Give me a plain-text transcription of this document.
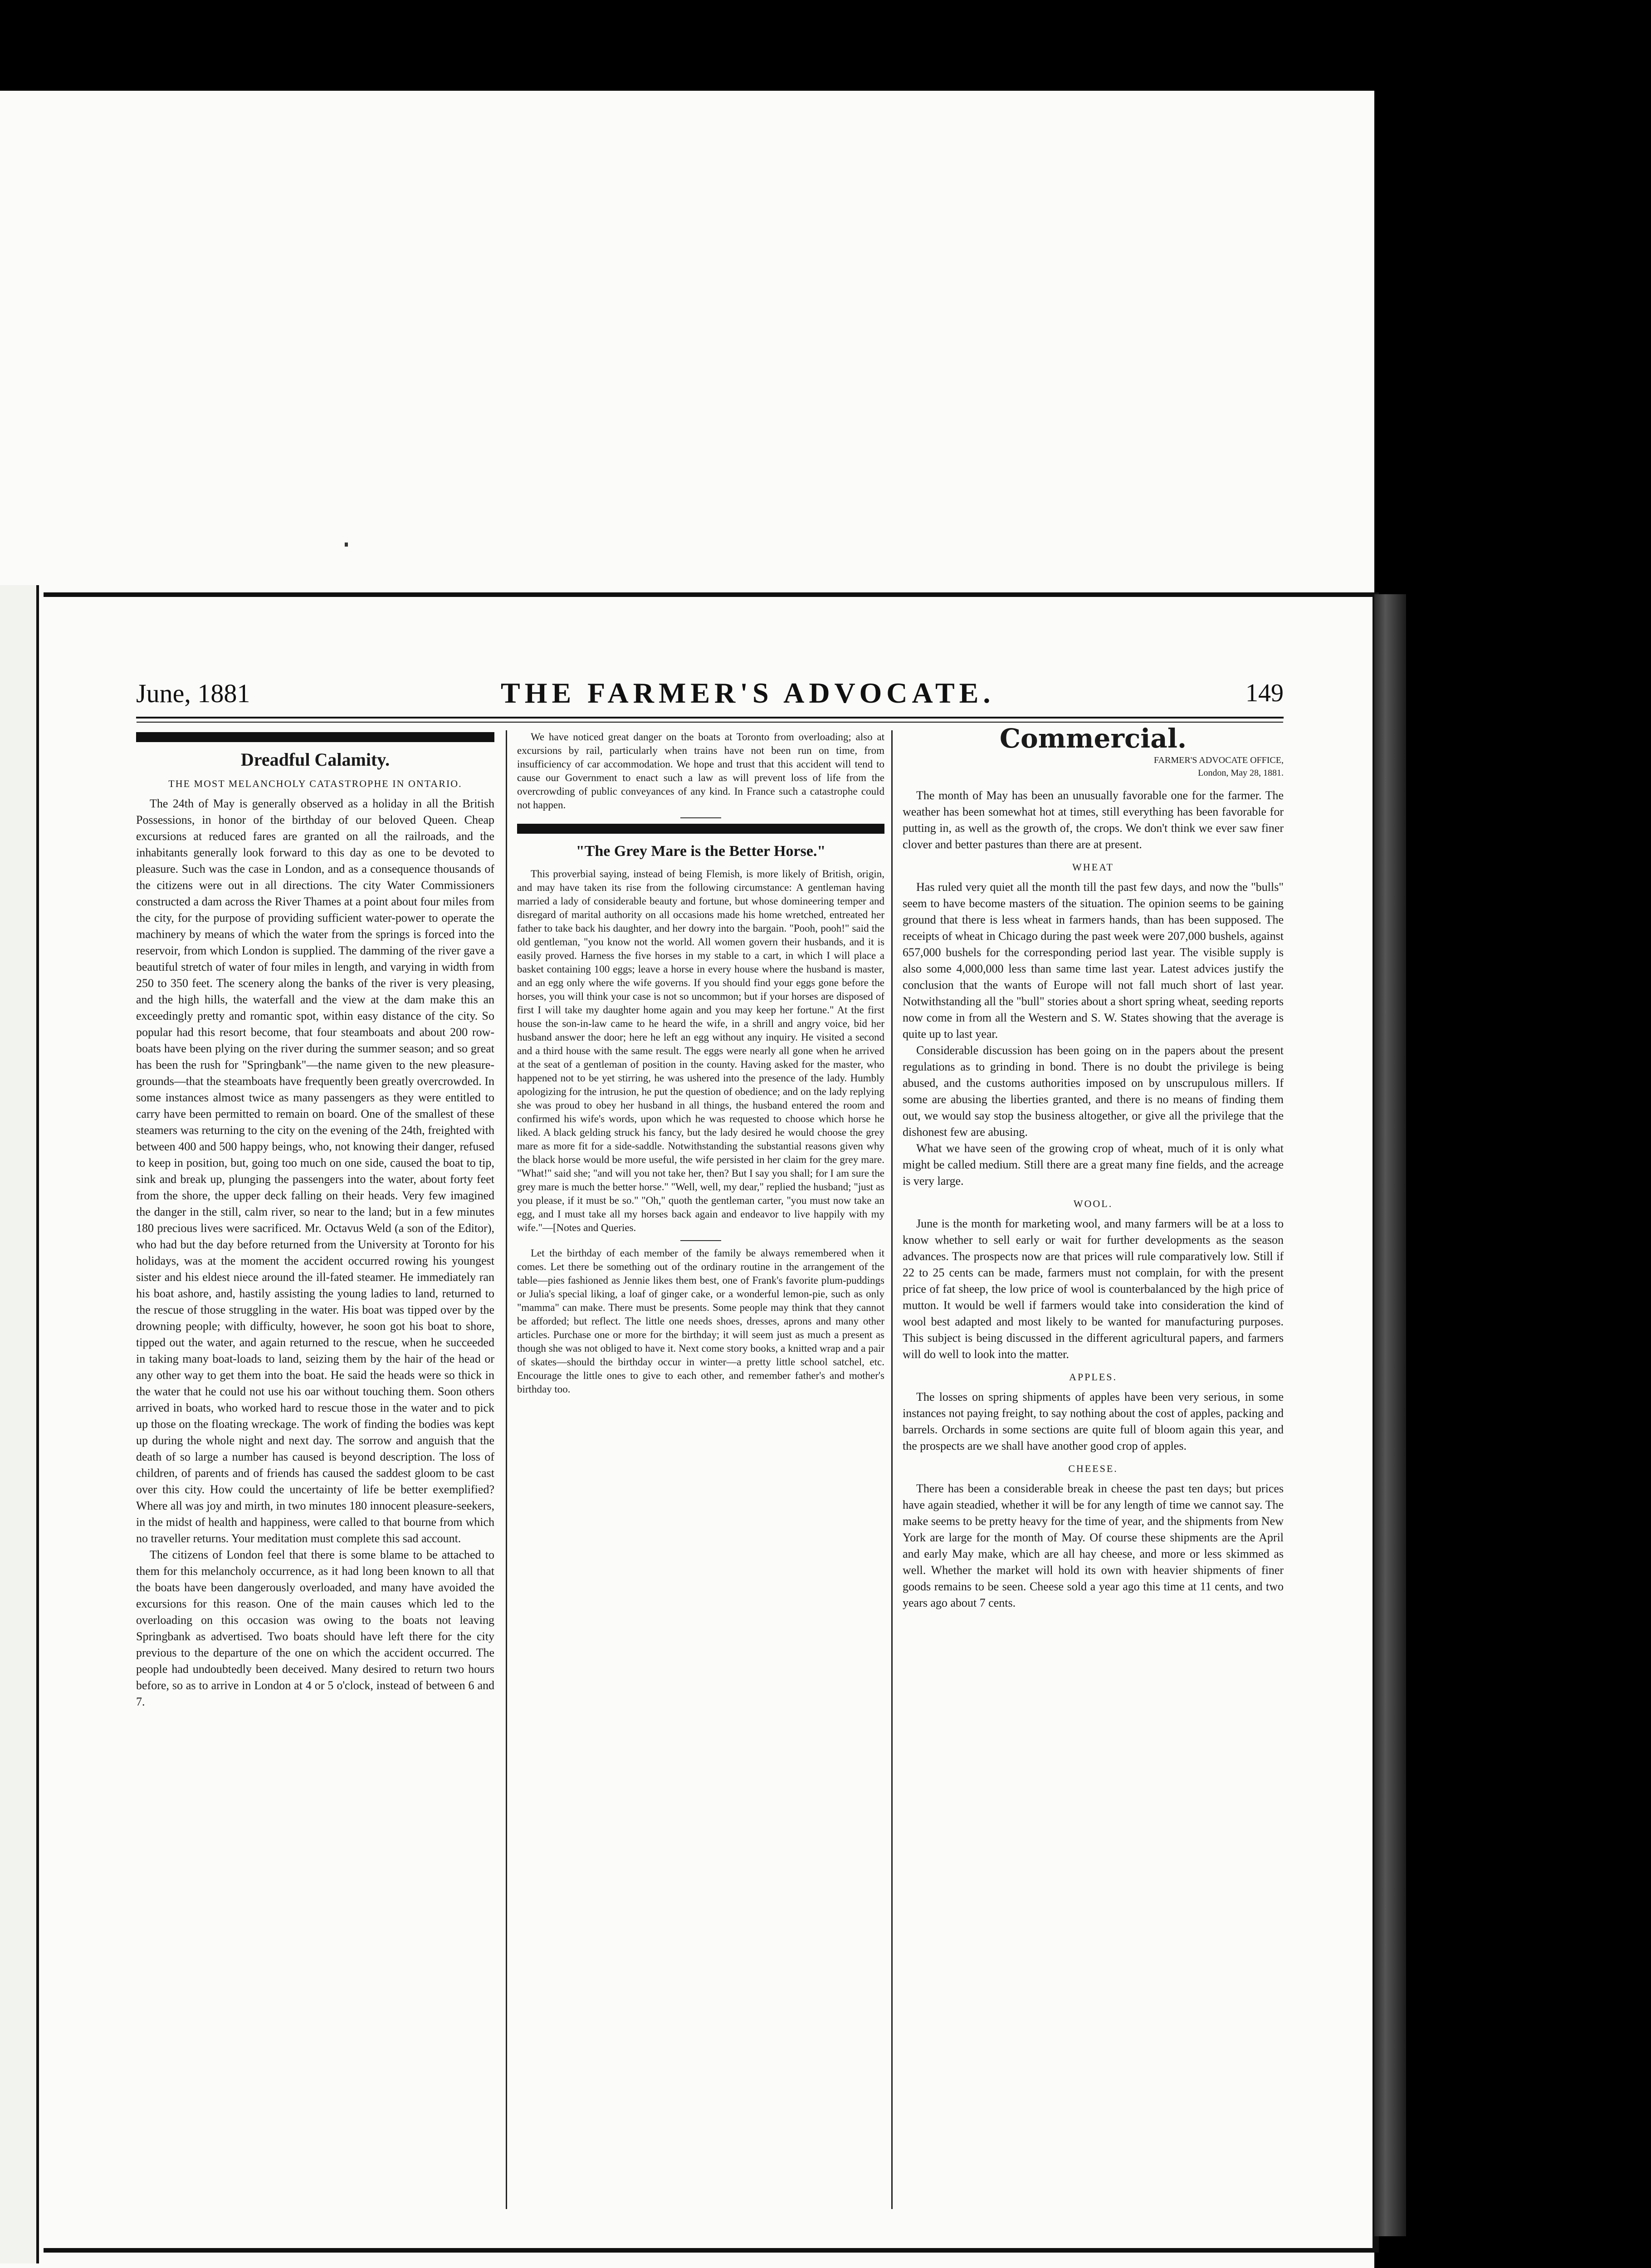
June, 1881	THE FARMER'S ADVOCATE.	149
Dreadful Calamity.
THE MOST MELANCHOLY CATASTROPHE IN ONTARIO.

The 24th of May is generally observed as a holiday in all the British Possessions, in honor of the birthday of our beloved Queen. Cheap excursions at reduced fares are granted on all the railroads, and the inhabitants generally look forward to this day as one to be devoted to pleasure. Such was the case in London, and as a consequence thousands of the citizens were out in all directions. The city Water Commissioners constructed a dam across the River Thames at a point about four miles from the city, for the purpose of providing sufficient water-power to operate the machinery by means of which the water from the springs is forced into the reservoir, from which London is supplied. The damming of the river gave a beautiful stretch of water of four miles in length, and varying in width from 250 to 350 feet. The scenery along the banks of the river is very pleasing, and the high hills, the waterfall and the view at the dam make this an exceedingly pretty and romantic spot, within easy distance of the city. So popular had this resort become, that four steamboats and about 200 row-boats have been plying on the river during the summer season; and so great has been the rush for "Springbank"—the name given to the new pleasure-grounds—that the steamboats have frequently been greatly overcrowded. In some instances almost twice as many passengers as they were entitled to carry have been permitted to remain on board. One of the smallest of these steamers was returning to the city on the evening of the 24th, freighted with between 400 and 500 happy beings, who, not knowing their danger, refused to keep in position, but, going too much on one side, caused the boat to tip, sink and break up, plunging the passengers into the water, about forty feet from the shore, the upper deck falling on their heads. Very few imagined the danger in the still, calm river, so near to the land; but in a few minutes 180 precious lives were sacrificed. Mr. Octavus Weld (a son of the Editor), who had but the day before returned from the University at Toronto for his holidays, was at the moment the accident occurred rowing his youngest sister and his eldest niece around the ill-fated steamer. He immediately ran his boat ashore, and, hastily assisting the young ladies to land, returned to the rescue of those struggling in the water. His boat was tipped over by the drowning people; with difficulty, however, he soon got his boat to shore, tipped out the water, and again returned to the rescue, when he succeeded in taking many boat-loads to land, seizing them by the hair of the head or any other way to get them into the boat. He said the heads were so thick in the water that he could not use his oar without touching them. Soon others arrived in boats, who worked hard to rescue those in the water and to pick up those on the floating wreckage. The work of finding the bodies was kept up during the whole night and next day. The sorrow and anguish that the death of so large a number has caused is beyond description. The loss of children, of parents and of friends has caused the saddest gloom to be cast over this city. How could the uncertainty of life be better exemplified? Where all was joy and mirth, in two minutes 180 innocent pleasure-seekers, in the midst of health and happiness, were called to that bourne from which no traveller returns. Your meditation must complete this sad account.

The citizens of London feel that there is some blame to be attached to them for this melancholy occurrence, as it had long been known to all that the boats have been dangerously overloaded, and many have avoided the excursions for this reason. One of the main causes which led to the overloading on this occasion was owing to the boats not leaving Springbank as advertised. Two boats should have left there for the city previous to the departure of the one on which the accident occurred. The people had undoubtedly been deceived. Many desired to return two hours before, so as to arrive in London at 4 or 5 o'clock, instead of between 6 and 7.

We have noticed great danger on the boats at Toronto from overloading; also at excursions by rail, particularly when trains have not been run on time, from insufficiency of car accommodation. We hope and trust that this accident will tend to cause our Government to enact such a law as will prevent loss of life from the overcrowding of public conveyances of any kind. In France such a catastrophe could not happen.

"The Grey Mare is the Better Horse."

This proverbial saying, instead of being Flemish, is more likely of British, origin, and may have taken its rise from the following circumstance: A gentleman having married a lady of considerable beauty and fortune, but whose domineering temper and disregard of marital authority on all occasions made his home wretched, entreated her father to take back his daughter, and her dowry into the bargain. "Pooh, pooh!" said the old gentleman, "you know not the world. All women govern their husbands, and it is easily proved. Harness the five horses in my stable to a cart, in which I will place a basket containing 100 eggs; leave a horse in every house where the husband is master, and an egg only where the wife governs. If you should find your eggs gone before the horses, you will think your case is not so uncommon; but if your horses are disposed of first I will take my daughter home again and you may keep her fortune." At the first house the son-in-law came to he heard the wife, in a shrill and angry voice, bid her husband answer the door; here he left an egg without any inquiry. He visited a second and a third house with the same result. The eggs were nearly all gone when he arrived at the seat of a gentleman of position in the county. Having asked for the master, who happened not to be yet stirring, he was ushered into the presence of the lady. Humbly apologizing for the intrusion, he put the question of obedience; and on the lady replying she was proud to obey her husband in all things, the husband entered the room and confirmed his wife's words, upon which he was requested to choose which horse he liked. A black gelding struck his fancy, but the lady desired he would choose the grey mare as more fit for a side-saddle. Notwithstanding the substantial reasons given why the black horse would be more useful, the wife persisted in her claim for the grey mare. "What!" said she; "and will you not take her, then? But I say you shall; for I am sure the grey mare is much the better horse." "Well, well, my dear," replied the husband; "just as you please, if it must be so." "Oh," quoth the gentleman carter, "you must now take an egg, and I must take all my horses back again and endeavor to live happily with my wife."—[Notes and Queries.

Let the birthday of each member of the family be always remembered when it comes. Let there be something out of the ordinary routine in the arrangement of the table—pies fashioned as Jennie likes them best, one of Frank's favorite plum-puddings or Julia's special liking, a loaf of ginger cake, or a wonderful lemon-pie, such as only "mamma" can make. There must be presents. Some people may think that they cannot be afforded; but reflect. The little one needs shoes, dresses, aprons and many other articles. Purchase one or more for the birthday; it will seem just as much a present as though she was not obliged to have it. Next come story books, a knitted wrap and a pair of skates—should the birthday occur in winter—a pretty little school satchel, etc. Encourage the little ones to give to each other, and remember father's and mother's birthday too.

Commercial.
FARMER'S ADVOCATE OFFICE,
London, May 28, 1881.

The month of May has been an unusually favorable one for the farmer. The weather has been somewhat hot at times, still everything has been favorable for putting in, as well as the growth of, the crops. We don't think we ever saw finer clover and better pastures than there are at present.

WHEAT

Has ruled very quiet all the month till the past few days, and now the "bulls" seem to have become masters of the situation. The opinion seems to be gaining ground that there is less wheat in farmers hands, than has been supposed. The receipts of wheat in Chicago during the past week were 207,000 bushels, against 657,000 bushels for the corresponding period last year. The visible supply is also some 4,000,000 less than same time last year. Latest advices justify the conclusion that the wants of Europe will not fall much short of last year. Notwithstanding all the "bull" stories about a short spring wheat, seeding reports now come in from all the Western and S. W. States showing that the average is quite up to last year.

Considerable discussion has been going on in the papers about the present regulations as to grinding in bond. There is no doubt the privilege is being abused, and the customs authorities imposed on by unscrupulous millers. If some are abusing the liberties granted, and there is no means of finding them out, we would say stop the business altogether, or give all the privilege that the dishonest few are abusing.

What we have seen of the growing crop of wheat, much of it is only what might be called medium. Still there are a great many fine fields, and the acreage is very large.

WOOL.

June is the month for marketing wool, and many farmers will be at a loss to know whether to sell early or wait for further developments as the season advances. The prospects now are that prices will rule comparatively low. Still if 22 to 25 cents can be made, farmers must not complain, for with the present price of fat sheep, the low price of wool is counterbalanced by the high price of mutton. It would be well if farmers would take into consideration the kind of wool best adapted and most likely to be wanted for manufacturing purposes. This subject is being discussed in the different agricultural papers, and farmers will do well to look into the matter.

APPLES.

The losses on spring shipments of apples have been very serious, in some instances not paying freight, to say nothing about the cost of apples, packing and barrels. Orchards in some sections are quite full of bloom again this year, and the prospects are we shall have another good crop of apples.

CHEESE.

There has been a considerable break in cheese the past ten days; but prices have again steadied, whether it will be for any length of time we cannot say. The make seems to be pretty heavy for the time of year, and the shipments from New York are large for the month of May. Of course these shipments are the April and early May make, which are all hay cheese, and more or less skimmed as well. Whether the market will hold its own with heavier shipments of finer goods remains to be seen. Cheese sold a year ago this time at 11 cents, and two years ago about 7 cents.
